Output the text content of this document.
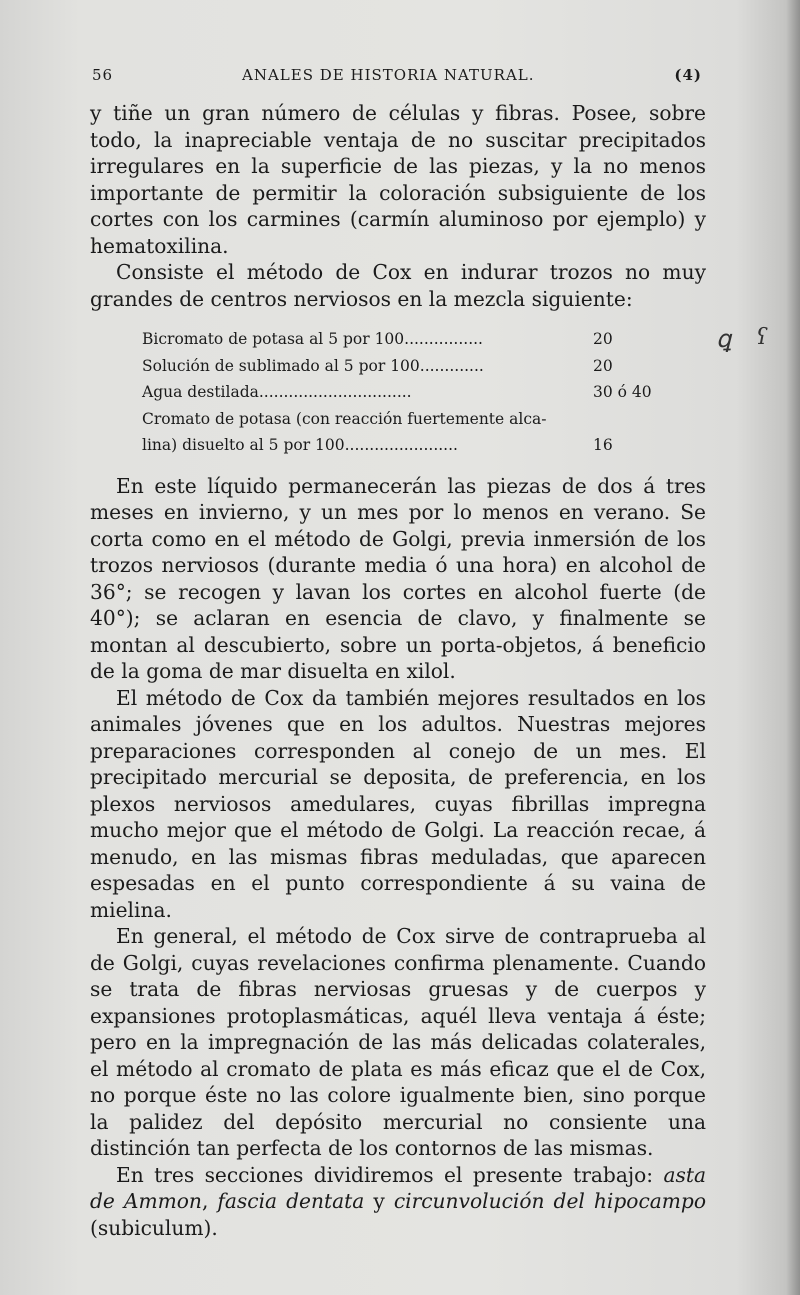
56	ANALES DE HISTORIA NATURAL.	(4)
ꝗ ʕ

y tiñe un gran número de células y fibras. Posee, sobre todo, la inapreciable ventaja de no suscitar precipitados irregulares en la superficie de las piezas, y la no menos importante de permitir la coloración subsiguiente de los cortes con los carmines (carmín aluminoso por ejemplo) y hematoxilina.

Consiste el método de Cox en indurar trozos no muy grandes de centros nerviosos en la mezcla siguiente:

Bicromato de potasa al 5 por 100................	20
Solución de sublimado al 5 por 100.............	20
Agua destilada...............................	30 ó 40
Cromato de potasa (con reacción fuertemente alca-
lina) disuelto al 5 por 100.......................	16

En este líquido permanecerán las piezas de dos á tres meses en invierno, y un mes por lo menos en verano. Se corta como en el método de Golgi, previa inmersión de los trozos nerviosos (durante media ó una hora) en alcohol de 36°; se recogen y lavan los cortes en alcohol fuerte (de 40°); se aclaran en esencia de clavo, y finalmente se montan al descubierto, sobre un porta-objetos, á beneficio de la goma de mar disuelta en xilol.

El método de Cox da también mejores resultados en los animales jóvenes que en los adultos. Nuestras mejores preparaciones corresponden al conejo de un mes. El precipitado mercurial se deposita, de preferencia, en los plexos nerviosos amedulares, cuyas fibrillas impregna mucho mejor que el método de Golgi. La reacción recae, á menudo, en las mismas fibras meduladas, que aparecen espesadas en el punto correspondiente á su vaina de mielina.

En general, el método de Cox sirve de contraprueba al de Golgi, cuyas revelaciones confirma plenamente. Cuando se trata de fibras nerviosas gruesas y de cuerpos y expansiones protoplasmáticas, aquél lleva ventaja á éste; pero en la impregnación de las más delicadas colaterales, el método al cromato de plata es más eficaz que el de Cox, no porque éste no las colore igualmente bien, sino porque la palidez del depósito mercurial no consiente una distinción tan perfecta de los contornos de las mismas.

En tres secciones dividiremos el presente trabajo: asta de Ammon, fascia dentata y circunvolución del hipocampo (subiculum).
